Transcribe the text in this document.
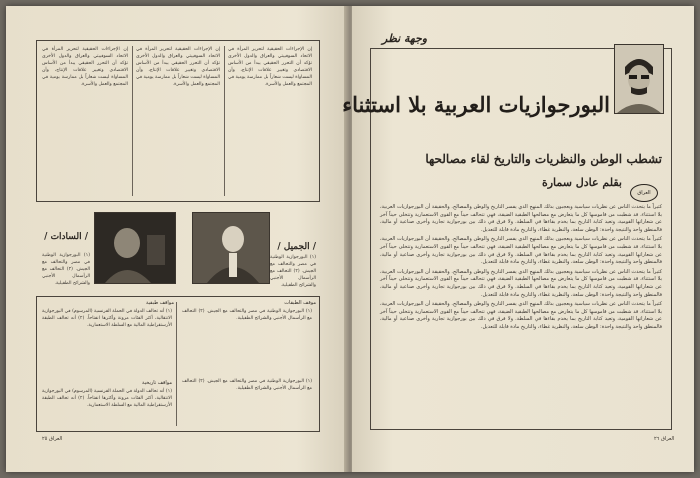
إن الإجراءات الحقيقية لتحرير المرأة في الاتحاد السوفييتي والعراق والدول الأخرى تؤكد أن التحرر الحقيقي يبدأ من الأساس الاقتصادي وتغيير علاقات الإنتاج، وأن المساواة ليست شعاراً بل ممارسة يومية في المجتمع والعمل والأسرة.
إن الإجراءات الحقيقية لتحرير المرأة في الاتحاد السوفييتي والعراق والدول الأخرى تؤكد أن التحرر الحقيقي يبدأ من الأساس الاقتصادي وتغيير علاقات الإنتاج، وأن المساواة ليست شعاراً بل ممارسة يومية في المجتمع والعمل والأسرة.
إن الإجراءات الحقيقية لتحرير المرأة في الاتحاد السوفييتي والعراق والدول الأخرى تؤكد أن التحرر الحقيقي يبدأ من الأساس الاقتصادي وتغيير علاقات الإنتاج، وأن المساواة ليست شعاراً بل ممارسة يومية في المجتمع والعمل والأسرة.
/ السادات /
/ الجميل /
(١) البورجوازية الوطنية في مصر والتحالف مع الجيش. (٢) التحالف مع الرأسمال الأجنبي والشرائح الطفيلية.
(١) البورجوازية الوطنية في مصر والتحالف مع الجيش. (٢) التحالف مع الرأسمال الأجنبي والشرائح الطفيلية.
مواقف طبقية	موقف الطبقات
(١) أنه تحالف الدولة في الحملة الفرنسية (المرسوم) في البورجوازية الانتقالية، أكثر الفئات مرونة وأكثرها انفتاحاً. (٢) أنه تحالف الطبقة الأرستقراطية المالية مع السلطة الاستعمارية.
(١) البورجوازية الوطنية في مصر والتحالف مع الجيش. (٢) التحالف مع الرأسمال الأجنبي والشرائح الطفيلية.
مواقف تاريخية
(١) أنه تحالف الدولة في الحملة الفرنسية (المرسوم) في البورجوازية الانتقالية، أكثر الفئات مرونة وأكثرها انفتاحاً. (٢) أنه تحالف الطبقة الأرستقراطية المالية مع السلطة الاستعمارية.
(١) البورجوازية الوطنية في مصر والتحالف مع الجيش. (٢) التحالف مع الرأسمال الأجنبي والشرائح الطفيلية.
العراق ٢٥
وجهة نظر
البورجوازيات العربية بلا استثناء
تشطب الوطن والنظريات والتاريخ لقاء مصالحها
بقلم عادل سمارة
العراق

كثيراً ما يتحدث الناس عن نظريات سياسية ويعجبون بذلك المنهج الذي يفسر التاريخ والوطن والمصالح. والحقيقة أن البورجوازيات العربية، بلا استثناء، قد شطبت من قاموسها كل ما يتعارض مع مصالحها الطبقية الضيقة، فهي تتحالف حيناً مع القوى الاستعمارية وتتخلى حيناً آخر عن شعاراتها القومية، وتعيد كتابة التاريخ بما يخدم بقاءها في السلطة. ولا فرق في ذلك بين بورجوازية تجارية وأخرى صناعية أو مالية، فالمنطق واحد والنتيجة واحدة: الوطن سلعة، والنظرية غطاء، والتاريخ مادة قابلة للتعديل.

كثيراً ما يتحدث الناس عن نظريات سياسية ويعجبون بذلك المنهج الذي يفسر التاريخ والوطن والمصالح. والحقيقة أن البورجوازيات العربية، بلا استثناء، قد شطبت من قاموسها كل ما يتعارض مع مصالحها الطبقية الضيقة، فهي تتحالف حيناً مع القوى الاستعمارية وتتخلى حيناً آخر عن شعاراتها القومية، وتعيد كتابة التاريخ بما يخدم بقاءها في السلطة. ولا فرق في ذلك بين بورجوازية تجارية وأخرى صناعية أو مالية، فالمنطق واحد والنتيجة واحدة: الوطن سلعة، والنظرية غطاء، والتاريخ مادة قابلة للتعديل.

كثيراً ما يتحدث الناس عن نظريات سياسية ويعجبون بذلك المنهج الذي يفسر التاريخ والوطن والمصالح. والحقيقة أن البورجوازيات العربية، بلا استثناء، قد شطبت من قاموسها كل ما يتعارض مع مصالحها الطبقية الضيقة، فهي تتحالف حيناً مع القوى الاستعمارية وتتخلى حيناً آخر عن شعاراتها القومية، وتعيد كتابة التاريخ بما يخدم بقاءها في السلطة. ولا فرق في ذلك بين بورجوازية تجارية وأخرى صناعية أو مالية، فالمنطق واحد والنتيجة واحدة: الوطن سلعة، والنظرية غطاء، والتاريخ مادة قابلة للتعديل.

كثيراً ما يتحدث الناس عن نظريات سياسية ويعجبون بذلك المنهج الذي يفسر التاريخ والوطن والمصالح. والحقيقة أن البورجوازيات العربية، بلا استثناء، قد شطبت من قاموسها كل ما يتعارض مع مصالحها الطبقية الضيقة، فهي تتحالف حيناً مع القوى الاستعمارية وتتخلى حيناً آخر عن شعاراتها القومية، وتعيد كتابة التاريخ بما يخدم بقاءها في السلطة. ولا فرق في ذلك بين بورجوازية تجارية وأخرى صناعية أو مالية، فالمنطق واحد والنتيجة واحدة: الوطن سلعة، والنظرية غطاء، والتاريخ مادة قابلة للتعديل.

العراق ٢٦
